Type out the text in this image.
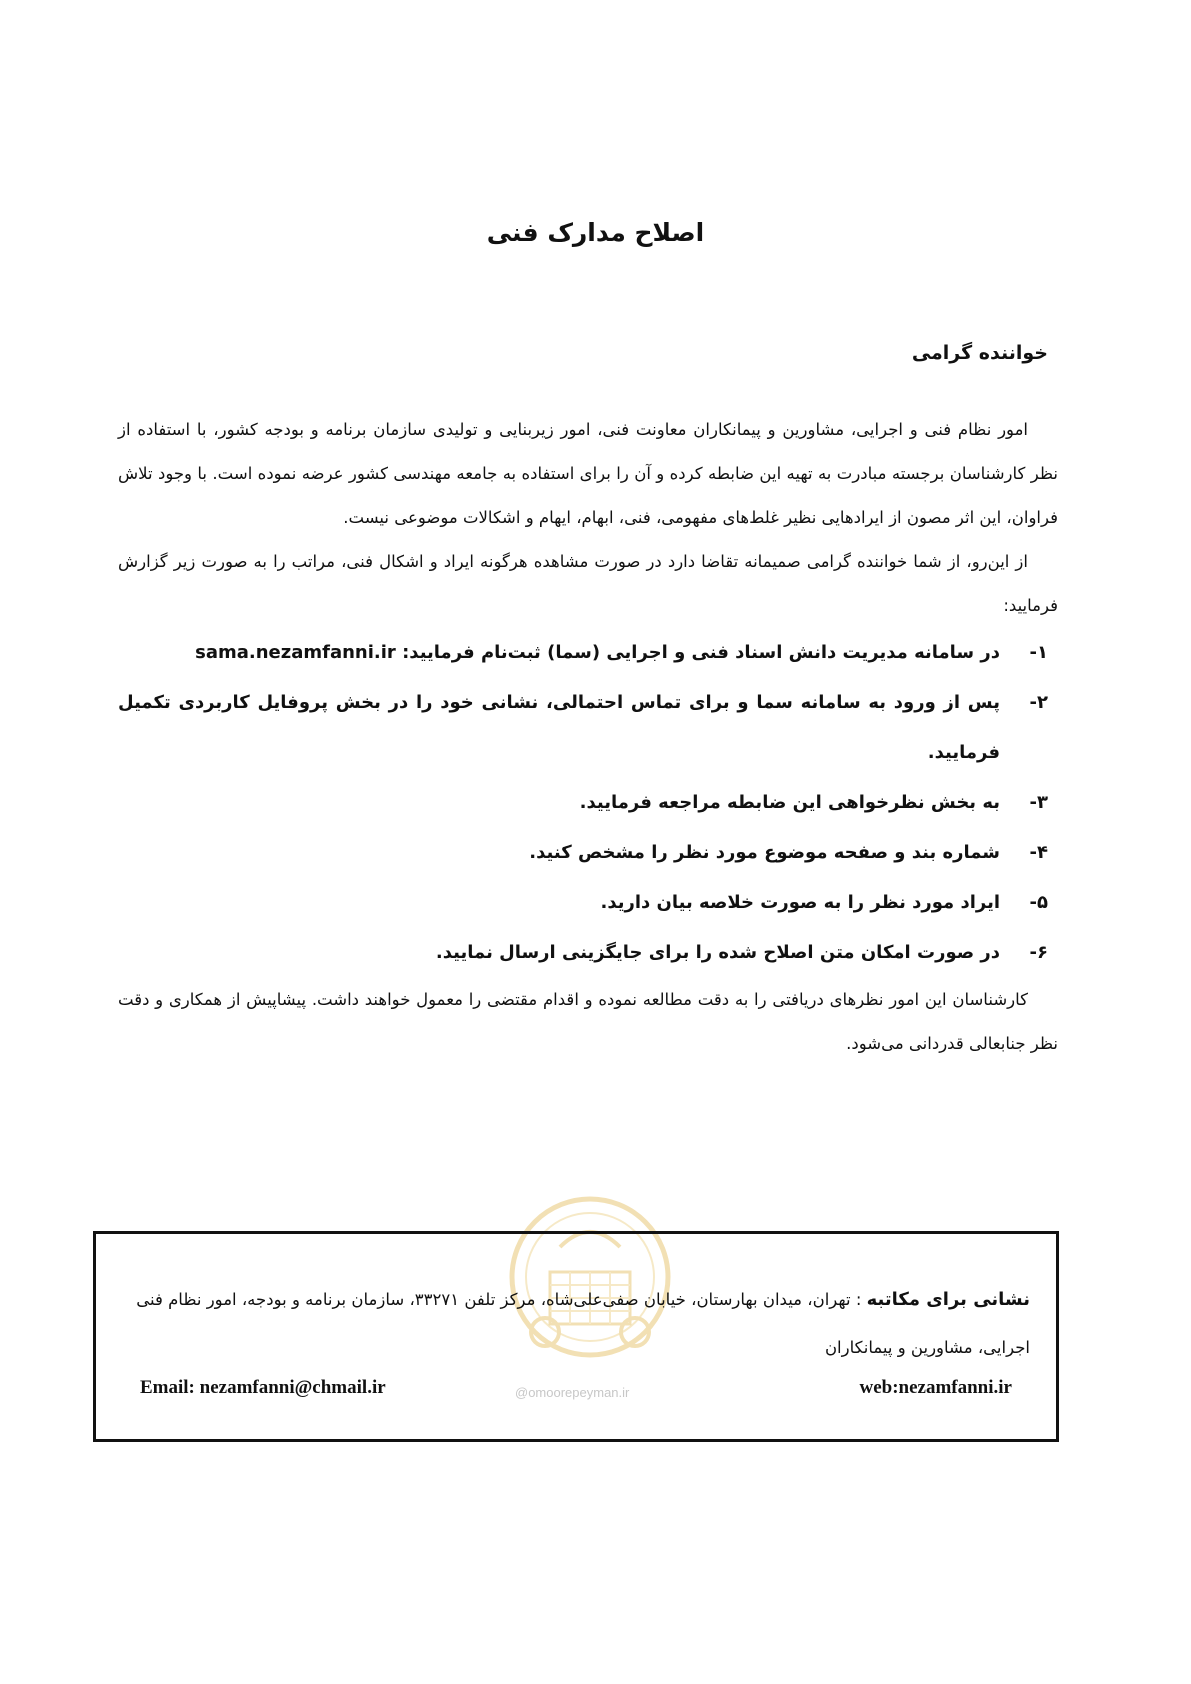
اصلاح مدارک فنی
خواننده گرامی

امور نظام فنی و اجرایی، مشاورین و پیمانکاران معاونت فنی، امور زیربنایی و تولیدی سازمان برنامه و بودجه کشور، با استفاده از نظر کارشناسان برجسته مبادرت به تهیه این ضابطه کرده و آن را برای استفاده به جامعه مهندسی کشور عرضه نموده است. با وجود تلاش فراوان، این اثر مصون از ایرادهایی نظیر غلط‌های مفهومی، فنی، ابهام، ایهام و اشکالات موضوعی نیست.

از این‌رو، از شما خواننده گرامی صمیمانه تقاضا دارد در صورت مشاهده هرگونه ایراد و اشکال فنی، مراتب را به صورت زیر گزارش فرمایید:

۱-
در سامانه مدیریت دانش اسناد فنی و اجرایی (سما) ثبت‌نام فرمایید: sama.nezamfanni.ir
۲-
پس از ورود به سامانه سما و برای تماس احتمالی، نشانی خود را در بخش پروفایل کاربردی تکمیل فرمایید.
۳-
به بخش نظرخواهی این ضابطه مراجعه فرمایید.
۴-
شماره بند و صفحه موضوع مورد نظر را مشخص کنید.
۵-
ایراد مورد نظر را به صورت خلاصه بیان دارید.
۶-
در صورت امکان متن اصلاح شده را برای جایگزینی ارسال نمایید.

کارشناسان این امور نظرهای دریافتی را به دقت مطالعه نموده و اقدام مقتضی را معمول خواهند داشت. پیشاپیش از همکاری و دقت نظر جنابعالی قدردانی می‌شود.

نشانی برای مکاتبه : تهران، میدان بهارستان، خیابان صفی‌علی‌شاه، مرکز تلفن ۳۳۲۷۱، سازمان برنامه و بودجه، امور نظام فنی اجرایی، مشاورین و پیمانکاران
Email: nezamfanni@chmail.ir	web:nezamfanni.ir
@omoorepeyman.ir
